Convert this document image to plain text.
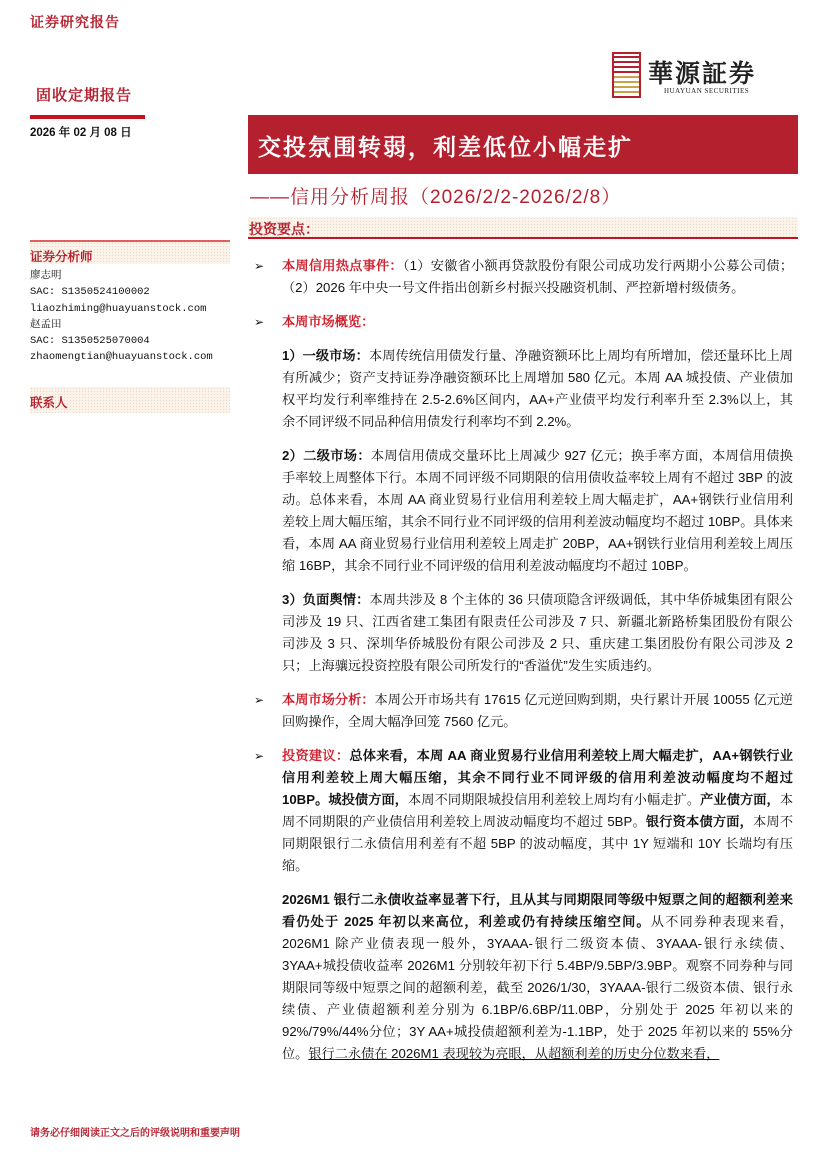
证券研究报告
固收定期报告
2026 年 02 月 08 日
華源証券
HUAYUAN SECURITIES
交投氛围转弱，利差低位小幅走扩
——信用分析周报（2026/2/2-2026/2/8）
投资要点：
证券分析师
廖志明
SAC: S1350524100002
liaozhiming@huayuanstock.com
赵孟田
SAC: S1350525070004
zhaomengtian@huayuanstock.com
联系人
➢ 本周信用热点事件：（1）安徽省小额再贷款股份有限公司成功发行两期小公募公司债；（2）2026 年中央一号文件指出创新乡村振兴投融资机制、严控新增村级债务。
➢ 本周市场概览：
1）一级市场：本周传统信用债发行量、净融资额环比上周均有所增加，偿还量环比上周有所减少；资产支持证券净融资额环比上周增加 580 亿元。本周 AA 城投债、产业债加权平均发行利率维持在 2.5-2.6%区间内，AA+产业债平均发行利率升至 2.3%以上，其余不同评级不同品种信用债发行利率均不到 2.2%。
2）二级市场：本周信用债成交量环比上周减少 927 亿元；换手率方面，本周信用债换手率较上周整体下行。本周不同评级不同期限的信用债收益率较上周有不超过 3BP 的波动。总体来看，本周 AA 商业贸易行业信用利差较上周大幅走扩，AA+钢铁行业信用利差较上周大幅压缩，其余不同行业不同评级的信用利差波动幅度均不超过 10BP。具体来看，本周 AA 商业贸易行业信用利差较上周走扩 20BP，AA+钢铁行业信用利差较上周压缩 16BP，其余不同行业不同评级的信用利差波动幅度均不超过 10BP。
3）负面舆情：本周共涉及 8 个主体的 36 只债项隐含评级调低，其中华侨城集团有限公司涉及 19 只、江西省建工集团有限责任公司涉及 7 只、新疆北新路桥集团股份有限公司涉及 3 只、深圳华侨城股份有限公司涉及 2 只、重庆建工集团股份有限公司涉及 2 只；上海骧远投资控股有限公司所发行的“香溢优”发生实质违约。
➢ 本周市场分析：本周公开市场共有 17615 亿元逆回购到期，央行累计开展 10055 亿元逆回购操作，全周大幅净回笼 7560 亿元。
➢ 投资建议：总体来看，本周 AA 商业贸易行业信用利差较上周大幅走扩，AA+钢铁行业信用利差较上周大幅压缩，其余不同行业不同评级的信用利差波动幅度均不超过 10BP。城投债方面，本周不同期限城投信用利差较上周均有小幅走扩。产业债方面，本周不同期限的产业债信用利差较上周波动幅度均不超过 5BP。银行资本债方面，本周不同期限银行二永债信用利差有不超 5BP 的波动幅度，其中 1Y 短端和 10Y 长端均有压缩。
2026M1 银行二永债收益率显著下行，且从其与同期限同等级中短票之间的超额利差来看仍处于 2025 年初以来高位，利差或仍有持续压缩空间。从不同券种表现来看，2026M1 除产业债表现一般外，3YAAA-银行二级资本债、3YAAA-银行永续债、3YAA+城投债收益率 2026M1 分别较年初下行 5.4BP/9.5BP/3.9BP。观察不同券种与同期限同等级中短票之间的超额利差，截至 2026/1/30，3YAAA-银行二级资本债、银行永续债、产业债超额利差分别为 6.1BP/6.6BP/11.0BP，分别处于 2025 年初以来的 92%/79%/44%分位；3Y AA+城投债超额利差为-1.1BP，处于 2025 年初以来的 55%分位。银行二永债在 2026M1 表现较为亮眼，从超额利差的历史分位数来看，
请务必仔细阅读正文之后的评级说明和重要声明
